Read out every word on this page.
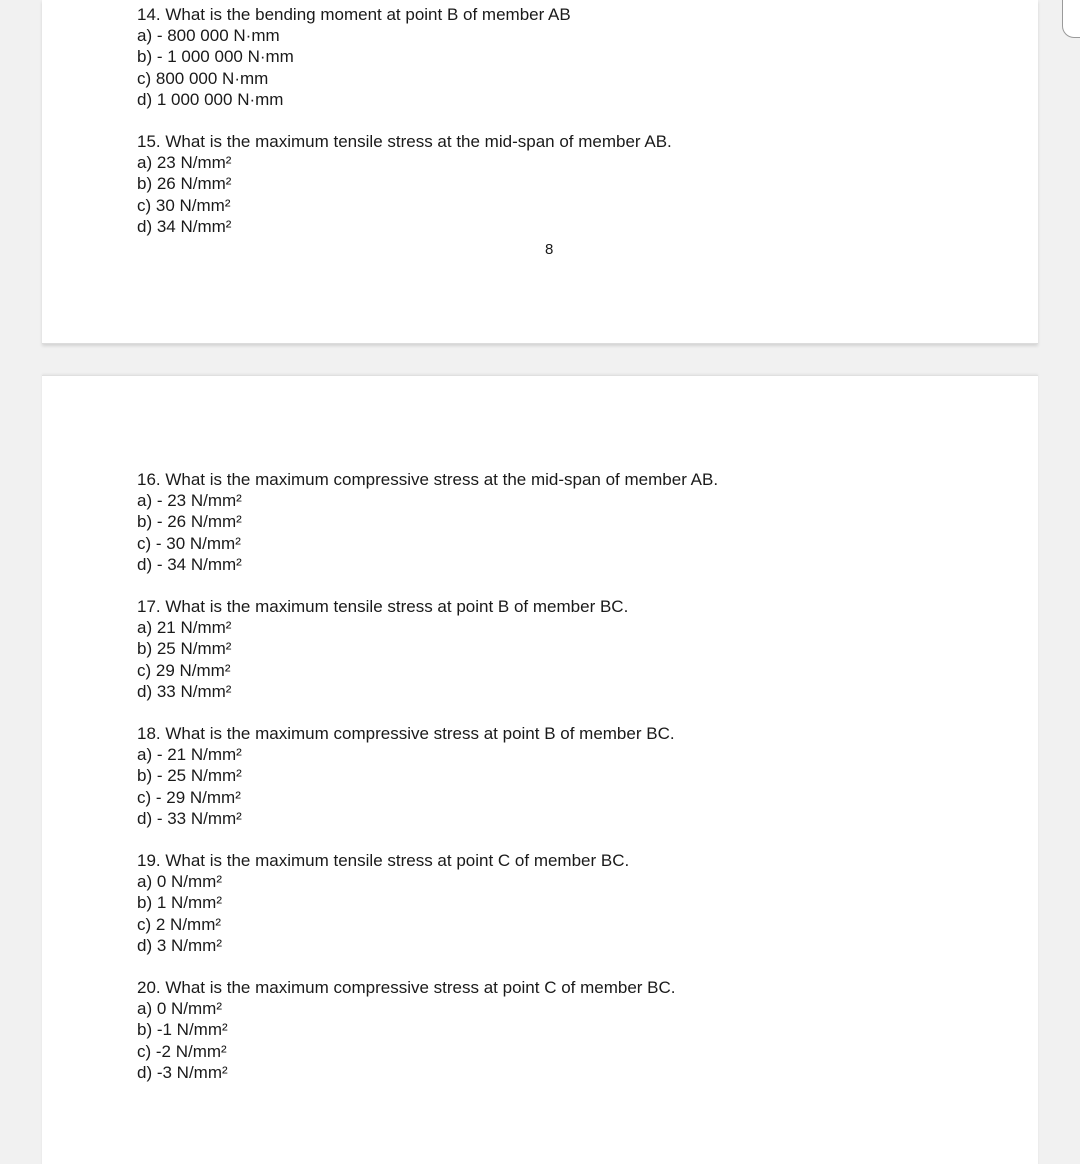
14. What is the bending moment at point B of member AB
a) - 800 000 N·mm
b) - 1 000 000 N·mm
c) 800 000 N·mm
d) 1 000 000 N·mm
15. What is the maximum tensile stress at the mid-span of member AB.
a) 23 N/mm²
b) 26 N/mm²
c) 30 N/mm²
d) 34 N/mm²
8
16. What is the maximum compressive stress at the mid-span of member AB.
a) - 23 N/mm²
b) - 26 N/mm²
c) - 30 N/mm²
d) - 34 N/mm²
17. What is the maximum tensile stress at point B of member BC.
a) 21 N/mm²
b) 25 N/mm²
c) 29 N/mm²
d) 33 N/mm²
18. What is the maximum compressive stress at point B of member BC.
a) - 21 N/mm²
b) - 25 N/mm²
c) - 29 N/mm²
d) - 33 N/mm²
19. What is the maximum tensile stress at point C of member BC.
a) 0 N/mm²
b) 1 N/mm²
c) 2 N/mm²
d) 3 N/mm²
20. What is the maximum compressive stress at point C of member BC.
a) 0 N/mm²
b) -1 N/mm²
c) -2 N/mm²
d) -3 N/mm²
